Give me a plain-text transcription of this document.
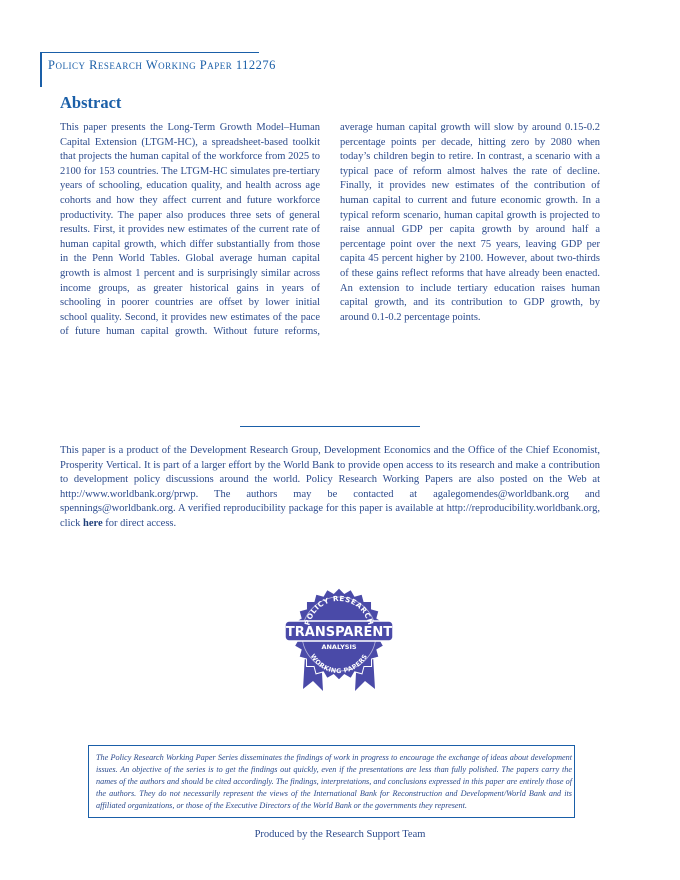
Policy Research Working Paper 112276
Abstract

This paper presents the Long-Term Growth Model–Human Capital Extension (LTGM-HC), a spreadsheet-based toolkit that projects the human capital of the workforce from 2025 to 2100 for 153 countries. The LTGM-HC simulates pre-tertiary years of schooling, education quality, and health across age cohorts and how they affect current and future workforce productivity. The paper also produces three sets of general results. First, it provides new estimates of the current rate of human capital growth, which differ substantially from those in the Penn World Tables. Global average human capital growth is almost 1 percent and is surprisingly similar across income groups, as greater historical gains in years of schooling in poorer countries are offset by lower initial school quality. Second, it provides new estimates of the pace of future human capital growth. Without future reforms, average human capital growth will slow by around 0.15-0.2 percentage points per decade, hitting zero by 2080 when today’s children begin to retire. In contrast, a scenario with a typical pace of reform almost halves the rate of decline. Finally, it provides new estimates of the contribution of human capital to current and future economic growth. In a typical reform scenario, human capital growth is projected to raise annual GDP per capita growth by around half a percentage point over the next 75 years, leaving GDP per capita 45 percent higher by 2100. However, about two-thirds of these gains reflect reforms that have already been enacted. An extension to include tertiary education raises human capital growth, and its contribution to GDP growth, by around 0.1-0.2 percentage points.

This paper is a product of the Development Research Group, Development Economics and the Office of the Chief Economist, Prosperity Vertical. It is part of a larger effort by the World Bank to provide open access to its research and make a contribution to development policy discussions around the world. Policy Research Working Papers are also posted on the Web at http://www.worldbank.org/prwp. The authors may be contacted at agalegomendes@worldbank.org and spennings@worldbank.org. A verified reproducibility package for this paper is available at http://reproducibility.worldbank.org, click here for direct access.
POLICY RESEARCH
TRANSPARENT
ANALYSIS
WORKING PAPERS
The Policy Research Working Paper Series disseminates the findings of work in progress to encourage the exchange of ideas about development issues. An objective of the series is to get the findings out quickly, even if the presentations are less than fully polished. The papers carry the names of the authors and should be cited accordingly. The findings, interpretations, and conclusions expressed in this paper are entirely those of the authors. They do not necessarily represent the views of the International Bank for Reconstruction and Development/World Bank and its affiliated organizations, or those of the Executive Directors of the World Bank or the governments they represent.
Produced by the Research Support Team
